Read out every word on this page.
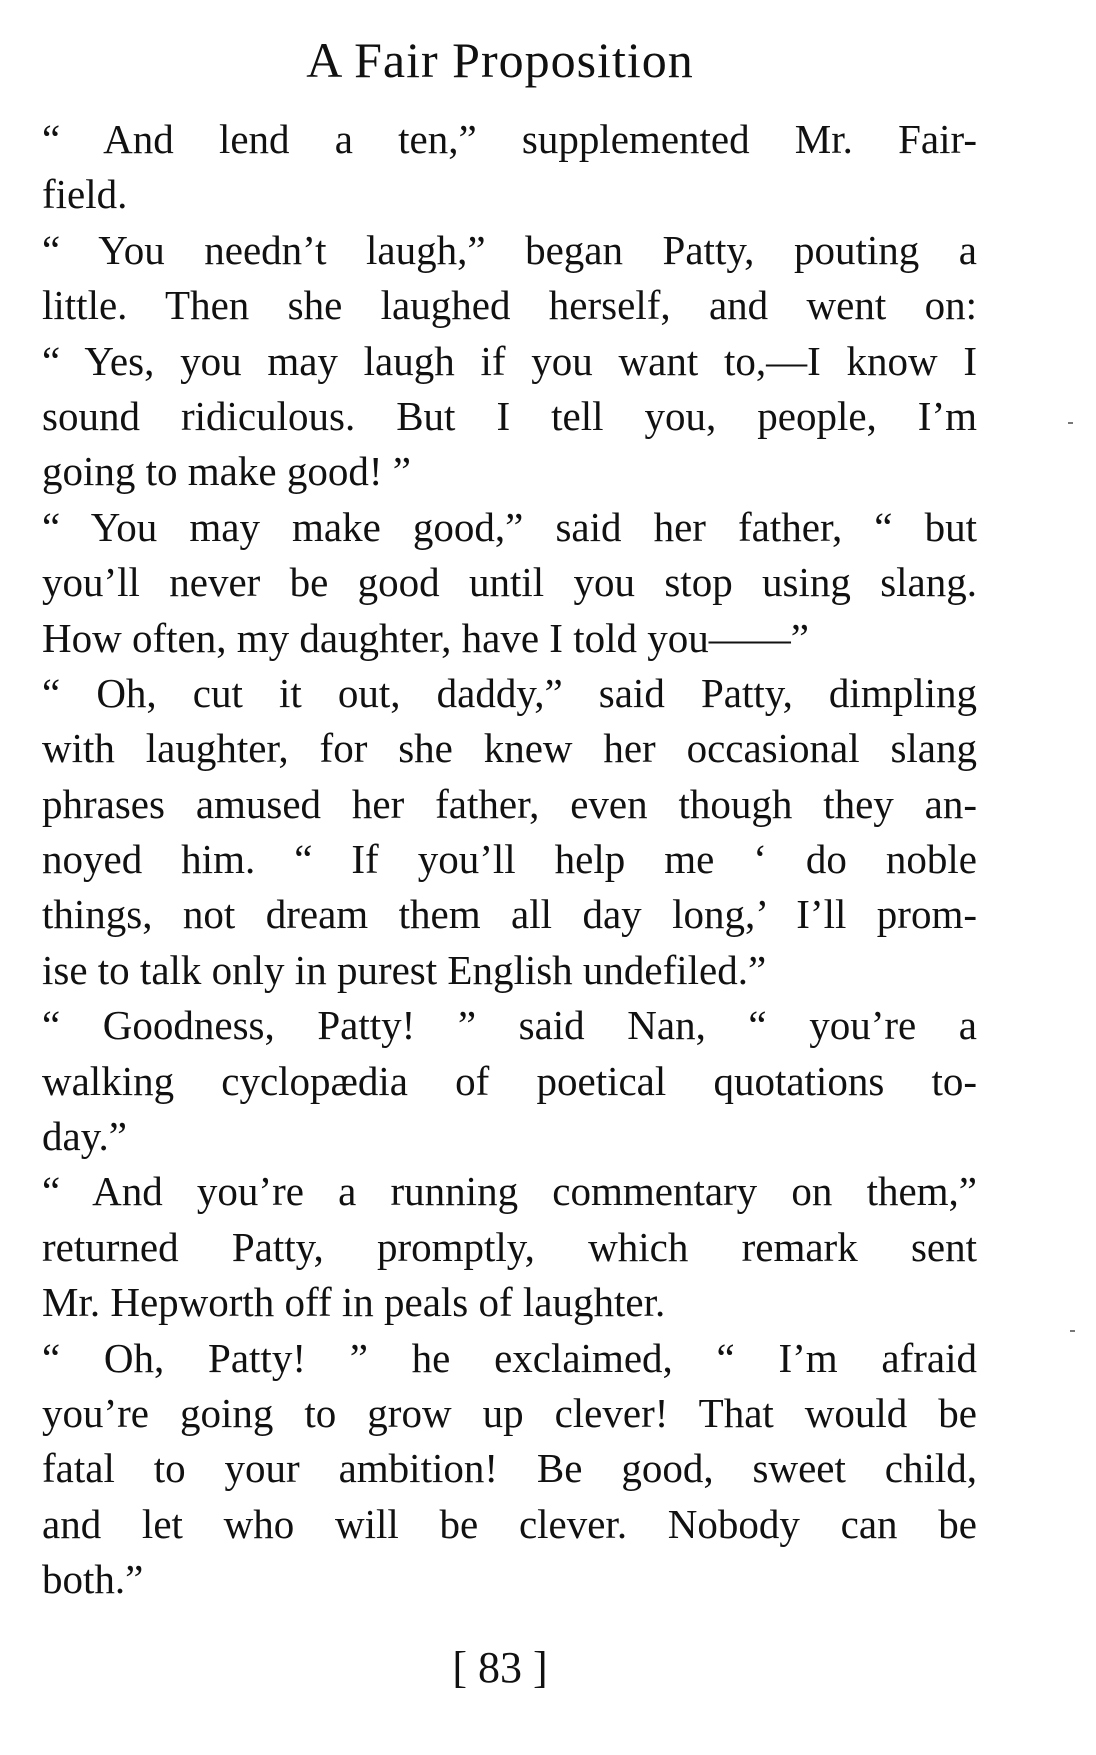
A Fair Proposition
“ And lend a ten,” supplemented Mr. Fair-
field.
“ You needn’t laugh,” began Patty, pouting a
little. Then she laughed herself, and went on:
“ Yes, you may laugh if you want to,—I know I
sound ridiculous. But I tell you, people, I’m
going to make good! ”
“ You may make good,” said her father, “ but
you’ll never be good until you stop using slang.
How often, my daughter, have I told you——”
“ Oh, cut it out, daddy,” said Patty, dimpling
with laughter, for she knew her occasional slang
phrases amused her father, even though they an-
noyed him. “ If you’ll help me ‘ do noble
things, not dream them all day long,’ I’ll prom-
ise to talk only in purest English undefiled.”
“ Goodness, Patty! ” said Nan, “ you’re a
walking cyclopædia of poetical quotations to-
day.”
“ And you’re a running commentary on them,”
returned Patty, promptly, which remark sent
Mr. Hepworth off in peals of laughter.
“ Oh, Patty! ” he exclaimed, “ I’m afraid
you’re going to grow up clever! That would be
fatal to your ambition! Be good, sweet child,
and let who will be clever. Nobody can be
both.”
[ 83 ]
